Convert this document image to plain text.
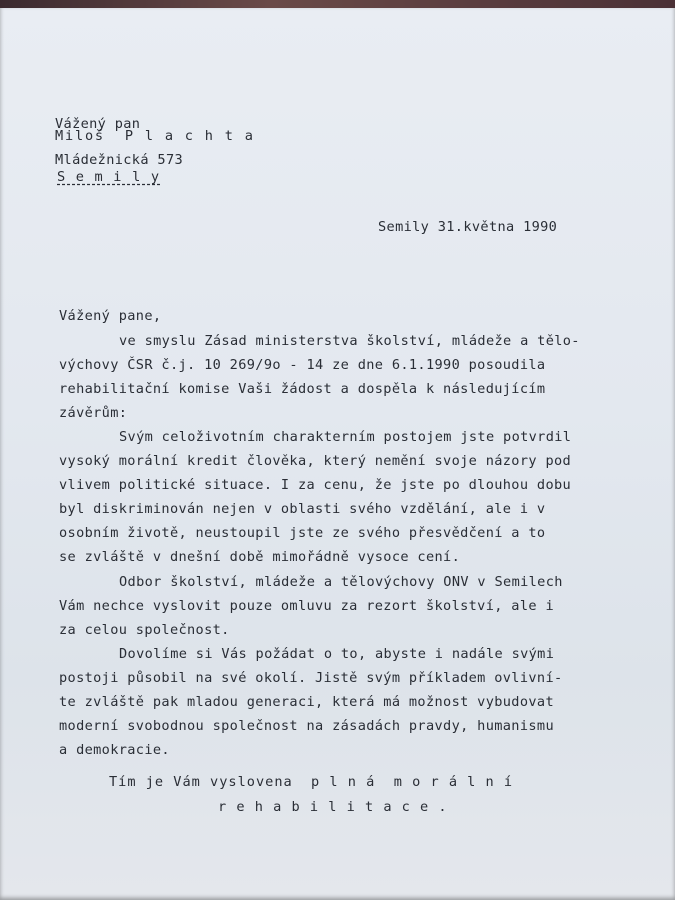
Vážený pan
Miloš  P l a c h t a
Mládežnická 573
S e m i l y
Semily 31.května 1990
Vážený pane,
ve smyslu Zásad ministerstva školství, mládeže a tělo-
výchovy ČSR č.j. 10 269/9o - 14 ze dne 6.1.1990 posoudila
rehabilitační komise Vaši žádost a dospěla k následujícím
závěrům:
Svým celoživotním charakterním postojem jste potvrdil
vysoký morální kredit člověka, který nemění svoje názory pod
vlivem politické situace. I za cenu, že jste po dlouhou dobu
byl diskriminován nejen v oblasti svého vzdělání, ale i v
osobním životě, neustoupil jste ze svého přesvědčení a to
se zvláště v dnešní době mimořádně vysoce cení.
Odbor školství, mládeže a tělovýchovy ONV v Semilech
Vám nechce vyslovit pouze omluvu za rezort školství, ale i
za celou společnost.
Dovolíme si Vás požádat o to, abyste i nadále svými
postoji působil na své okolí. Jistě svým příkladem ovlivní-
te zvláště pak mladou generaci, která má možnost vybudovat
moderní svobodnou společnost na zásadách pravdy, humanismu
a demokracie.
Tím je Vám vyslovena  p l n á  m o r á l n í
r e h a b i l i t a c e .
